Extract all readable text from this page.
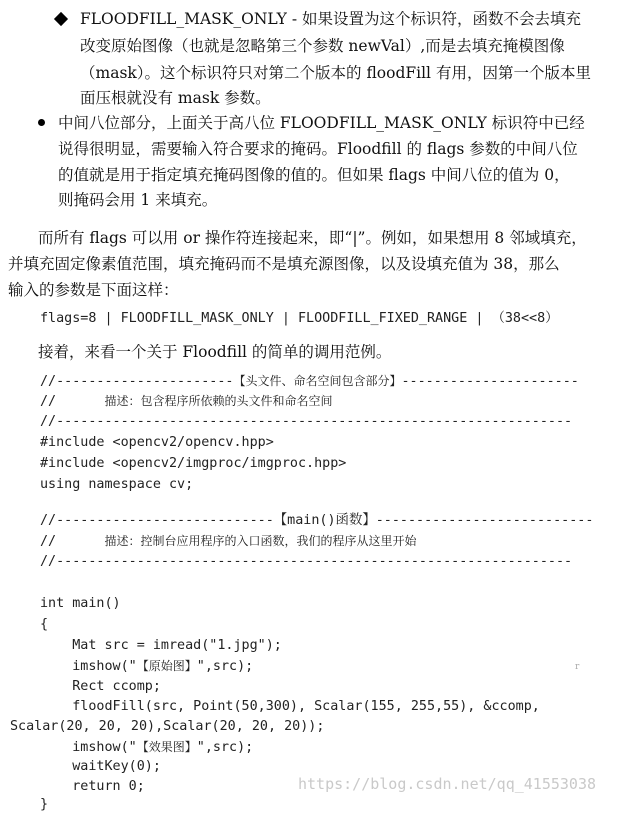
FLOODFILL_MASK_ONLY - 如果设置为这个标识符，函数不会去填充
改变原始图像（也就是忽略第三个参数 newVal）,而是去填充掩模图像
（mask）。这个标识符只对第二个版本的 floodFill 有用，因第一个版本里
面压根就没有 mask 参数。
中间八位部分，上面关于高八位 FLOODFILL_MASK_ONLY 标识符中已经
说得很明显，需要输入符合要求的掩码。Floodfill 的 flags 参数的中间八位
的值就是用于指定填充掩码图像的值的。但如果 flags 中间八位的值为 0，
则掩码会用 1 来填充。
而所有 flags 可以用 or 操作符连接起来，即“|”。例如，如果想用 8 邻域填充，
并填充固定像素值范围，填充掩码而不是填充源图像，以及设填充值为 38，那么
输入的参数是下面这样：
flags=8 | FLOODFILL_MASK_ONLY | FLOODFILL_FIXED_RANGE | （38<<8）
接着，来看一个关于 Floodfill 的简单的调用范例。
//----------------------【头文件、命名空间包含部分】----------------------
//      描述：包含程序所依赖的头文件和命名空间
//----------------------------------------------------------------
#include <opencv2/opencv.hpp>
#include <opencv2/imgproc/imgproc.hpp>
using namespace cv;
//---------------------------【main()函数】---------------------------
//      描述：控制台应用程序的入口函数，我们的程序从这里开始
//----------------------------------------------------------------
int main()
{
Mat src = imread("1.jpg");
imshow("【原始图】",src);
Rect ccomp;
floodFill(src, Point(50,300), Scalar(155, 255,55), &ccomp,
Scalar(20, 20, 20),Scalar(20, 20, 20));
imshow("【效果图】",src);
waitKey(0);
return 0;
}
r
https://blog.csdn.net/qq_41553038
